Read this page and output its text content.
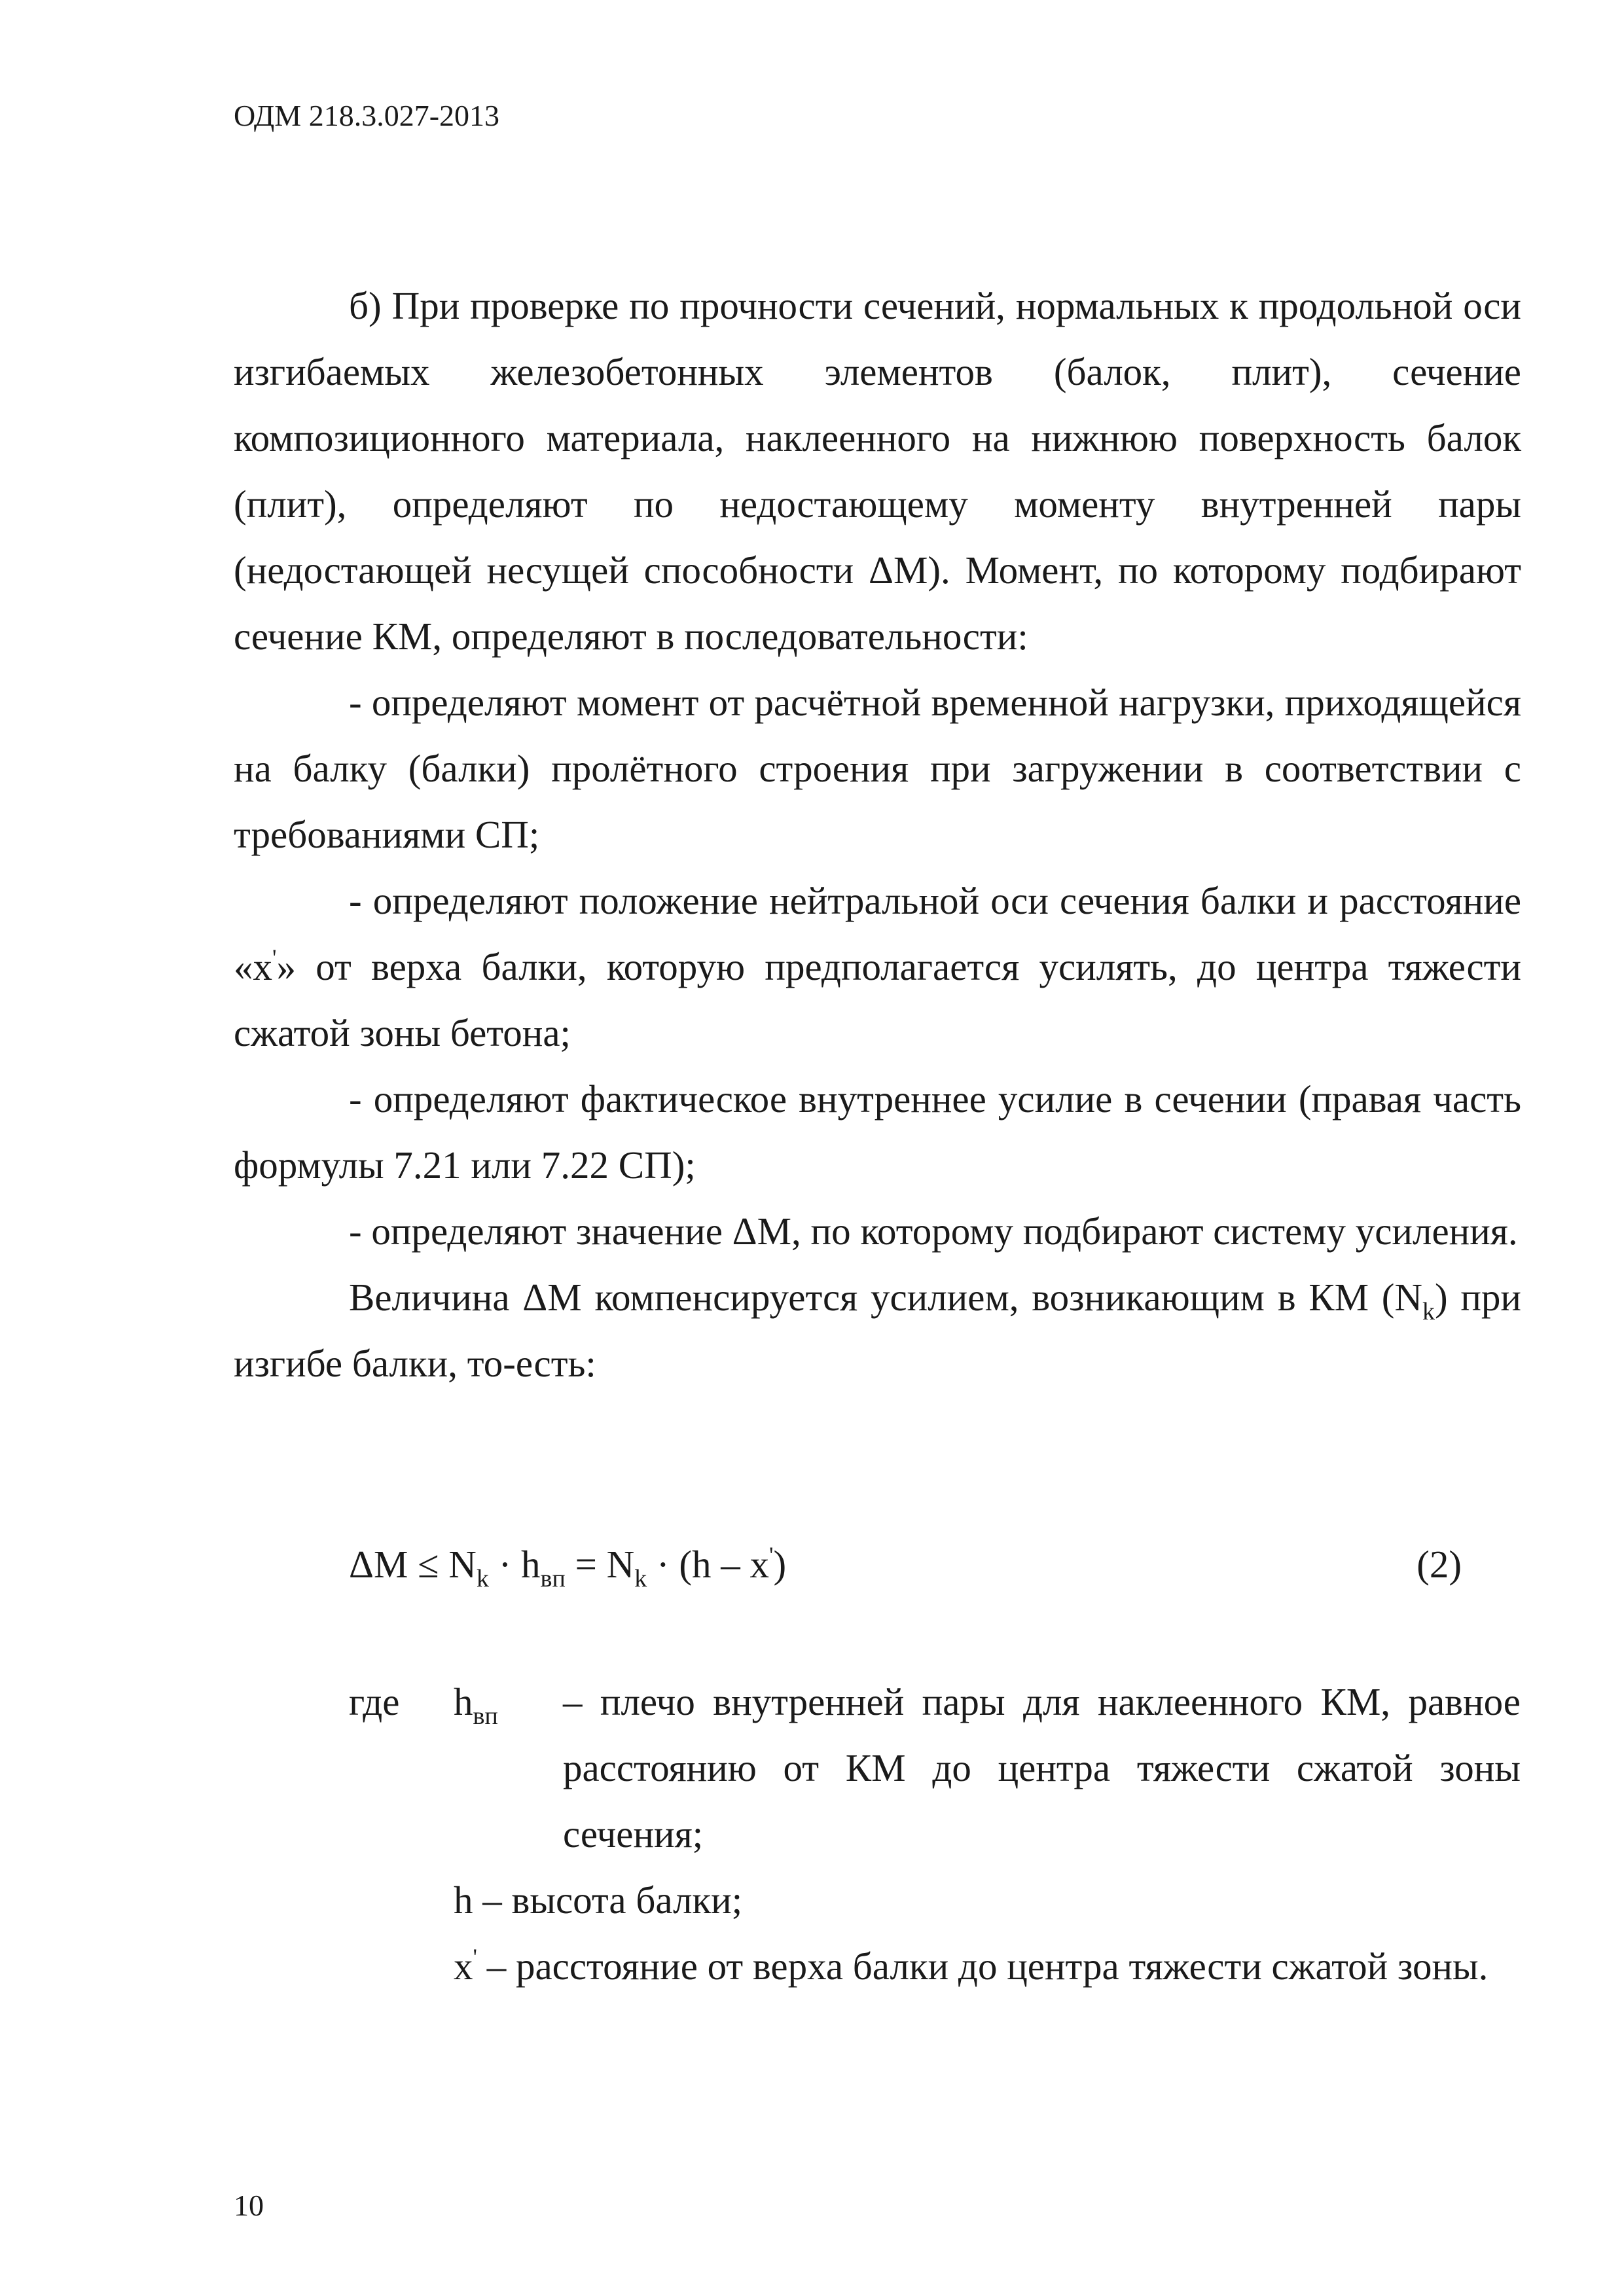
ОДМ 218.3.027-2013

б) При проверке по прочности сечений, нормальных к продольной оси изгибаемых железобетонных элементов (балок, плит), сечение композиционного материала, наклеенного на нижнюю поверхность балок (плит), определяют по недостающему моменту внутренней пары (недостающей несущей способности ΔМ). Момент, по которому подбирают сечение КМ, определяют в последовательности:

- определяют момент от расчётной временной нагрузки, приходящейся на балку (балки) пролётного строения при загружении в соответствии с требованиями СП;

- определяют положение нейтральной оси сечения балки и расстояние «x'» от верха балки, которую предполагается усилять, до центра тяжести сжатой зоны бетона;

- определяют фактическое внутреннее усилие в сечении (правая часть формулы 7.21 или 7.22 СП);

- определяют значение ΔМ, по которому подбирают систему усиления.

Величина ΔМ компенсируется усилием, возникающим в КМ $(N_k)$ при изгибе балки, то-есть:

$\Delta М \le N_k \cdot h_{вп} = N_k \cdot (h - x')$	(2)
где $h_{вп}$ – плечо внутренней пары для наклеенного КМ, равное расстоянию от КМ до центра тяжести сжатой зоны сечения;

h – высота балки;

x' – расстояние от верха балки до центра тяжести сжатой зоны.

10
